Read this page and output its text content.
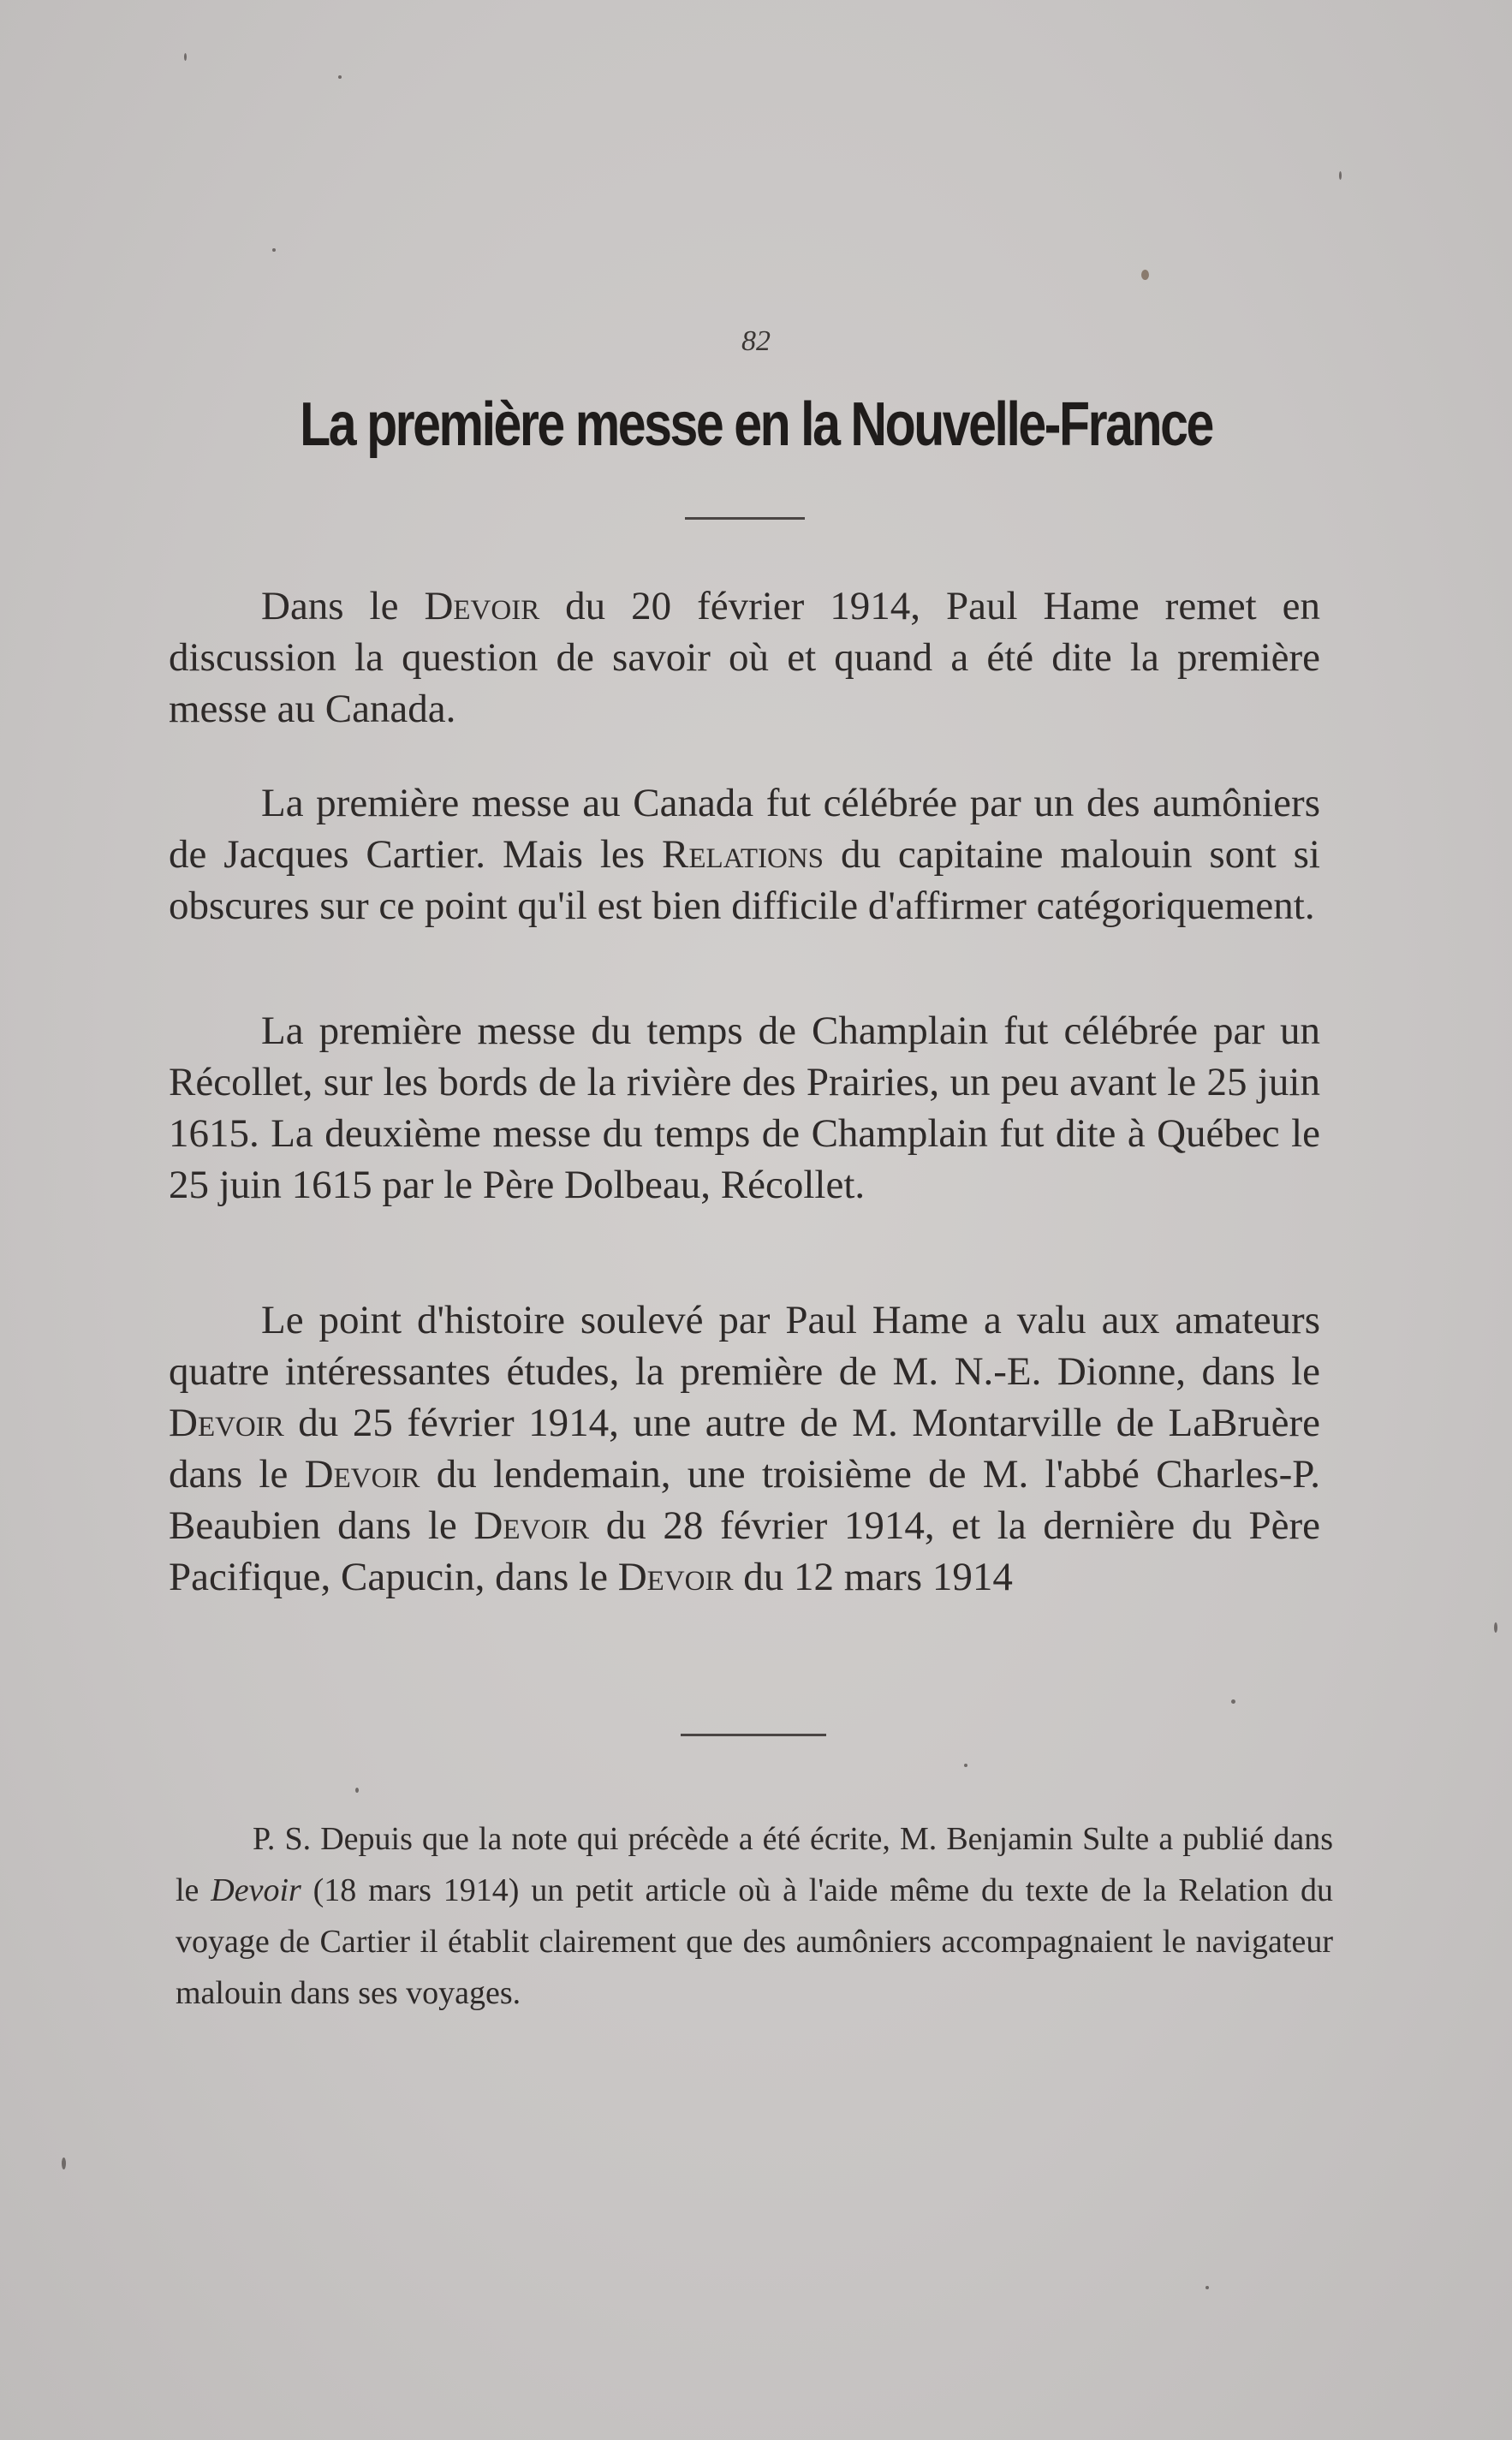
82
La première messe en la Nouvelle-France

Dans le Devoir du 20 février 1914, Paul Hame remet en discussion la question de savoir où et quand a été dite la première messe au Canada.

La première messe au Canada fut célébrée par un des aumôniers de Jacques Cartier. Mais les Relations du capitaine malouin sont si obscures sur ce point qu'il est bien difficile d'affirmer catégoriquement.

La première messe du temps de Champlain fut célébrée par un Récollet, sur les bords de la rivière des Prairies, un peu avant le 25 juin 1615. La deuxième messe du temps de Champlain fut dite à Québec le 25 juin 1615 par le Père Dolbeau, Récollet.

Le point d'histoire soulevé par Paul Hame a valu aux amateurs quatre intéressantes études, la première de M. N.-E. Dionne, dans le Devoir du 25 février 1914, une autre de M. Montarville de LaBruère dans le Devoir du lendemain, une troisième de M. l'abbé Charles-P. Beaubien dans le Devoir du 28 février 1914, et la dernière du Père Pacifique, Capucin, dans le Devoir du 12 mars 1914

P. S. Depuis que la note qui précède a été écrite, M. Benjamin Sulte a publié dans le Devoir (18 mars 1914) un petit article où à l'aide même du texte de la Relation du voyage de Cartier il établit clairement que des aumôniers accompagnaient le navigateur malouin dans ses voyages.
